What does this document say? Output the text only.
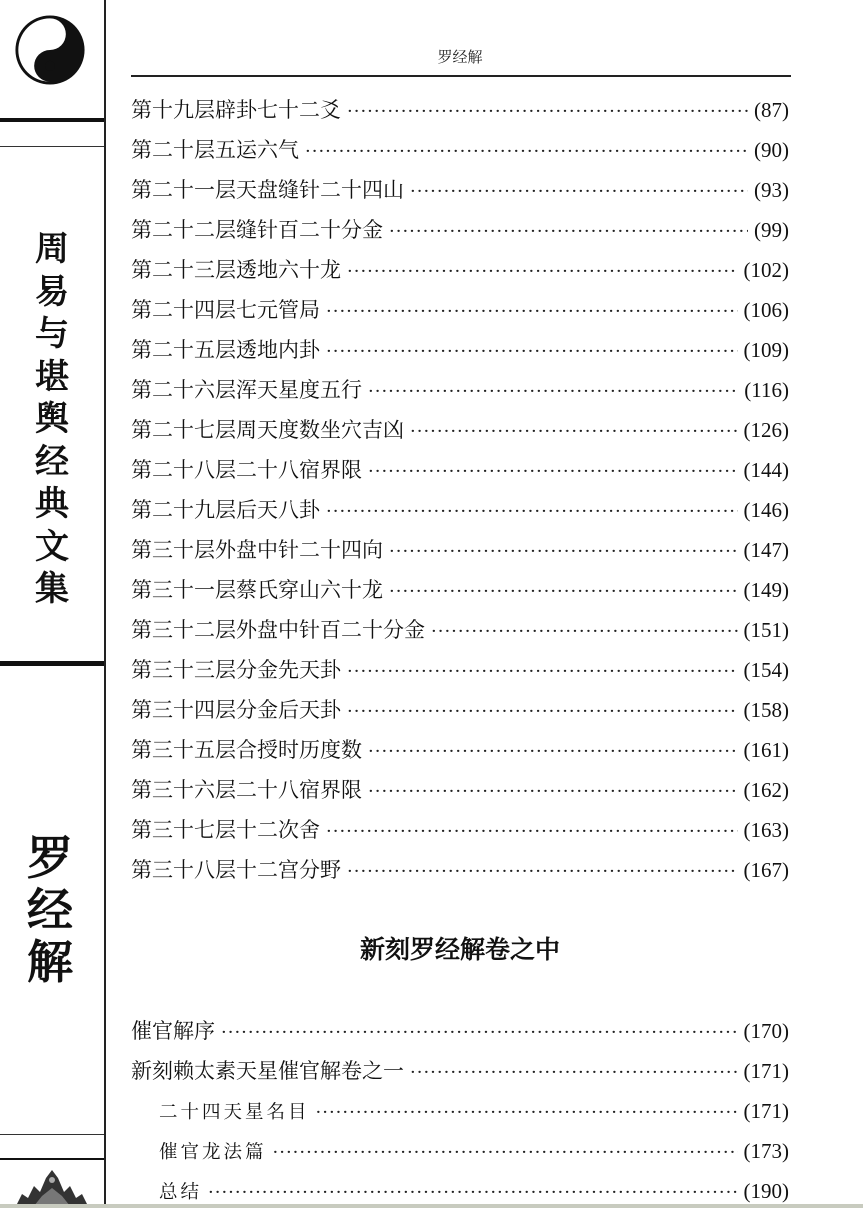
周易与堪舆经典文集
罗经解
罗经解
第十九层辟卦七十二爻 ·····	(87)
第二十层五运六气 ·····	(90)
第二十一层天盘缝针二十四山 ·····	(93)
第二十二层缝针百二十分金 ·····	(99)
第二十三层透地六十龙 ·····	(102)
第二十四层七元管局 ·····	(106)
第二十五层透地内卦 ·····	(109)
第二十六层浑天星度五行 ·····	(116)
第二十七层周天度数坐穴吉凶 ·····	(126)
第二十八层二十八宿界限 ·····	(144)
第二十九层后天八卦 ·····	(146)
第三十层外盘中针二十四向 ·····	(147)
第三十一层蔡氏穿山六十龙 ·····	(149)
第三十二层外盘中针百二十分金 ·····	(151)
第三十三层分金先天卦 ·····	(154)
第三十四层分金后天卦 ·····	(158)
第三十五层合授时历度数 ·····	(161)
第三十六层二十八宿界限 ·····	(162)
第三十七层十二次舍 ·····	(163)
第三十八层十二宫分野 ·····	(167)
新刻罗经解卷之中
催官解序 ·····	(170)
新刻赖太素天星催官解卷之一 ·····	(171)
二十四天星名目 ·····	(171)
催官龙法篇 ·····	(173)
总结 ·····	(190)
